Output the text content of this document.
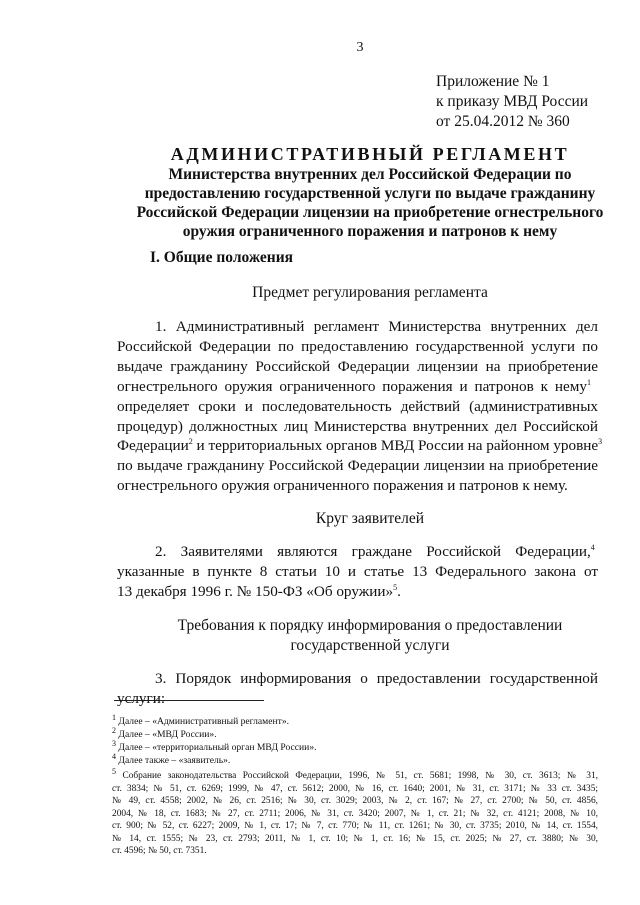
3
Приложение № 1
к приказу МВД России
от 25.04.2012 № 360
АДМИНИСТРАТИВНЫЙ РЕГЛАМЕНТ
Министерства внутренних дел Российской Федерации по
предоставлению государственной услуги по выдаче гражданину
Российской Федерации лицензии на приобретение огнестрельного
оружия ограниченного поражения и патронов к нему
I. Общие положения
Предмет регулирования регламента
1. Административный регламент Министерства внутренних дел
Российской Федерации по предоставлению государственной услуги по
выдаче гражданину Российской Федерации лицензии на приобретение
огнестрельного оружия ограниченного поражения и патронов к нему$^1$
определяет сроки и последовательность действий (административных
процедур) должностных лиц Министерства внутренних дел Российской
Федерации$^2$ и территориальных органов МВД России на районном уровне$^3$
по выдаче гражданину Российской Федерации лицензии на приобретение
огнестрельного оружия ограниченного поражения и патронов к нему.
Круг заявителей
2. Заявителями являются граждане Российской Федерации,$^4$
указанные в пункте 8 статьи 10 и статье 13 Федерального закона от
13 декабря 1996 г. № 150-ФЗ «Об оружии»$^5$.
Требования к порядку информирования о предоставлении
государственной услуги
3. Порядок информирования о предоставлении государственной
услуги:
$^1$ Далее – «Административный регламент».
$^2$ Далее – «МВД России».
$^3$ Далее – «территориальный орган МВД России».
$^4$ Далее также – «заявитель».
$^5$ Собрание законодательства Российской Федерации, 1996, № 51, ст. 5681; 1998, № 30, ст. 3613; № 31,
ст. 3834; № 51, ст. 6269; 1999, № 47, ст. 5612; 2000, № 16, ст. 1640; 2001, № 31, ст. 3171; № 33 ст. 3435;
№ 49, ст. 4558; 2002, № 26, ст. 2516; № 30, ст. 3029; 2003, № 2, ст. 167; № 27, ст. 2700; № 50, ст. 4856,
2004, № 18, ст. 1683; № 27, ст. 2711; 2006, № 31, ст. 3420; 2007, № 1, ст. 21; № 32, ст. 4121; 2008, № 10,
ст. 900; № 52, ст. 6227; 2009, № 1, ст. 17; № 7, ст. 770; № 11, ст. 1261; № 30, ст. 3735; 2010, № 14, ст. 1554,
№ 14, ст. 1555; № 23, ст. 2793; 2011, № 1, ст. 10; № 1, ст. 16; № 15, ст. 2025; № 27, ст. 3880; № 30,
ст. 4596; № 50, ст. 7351.
